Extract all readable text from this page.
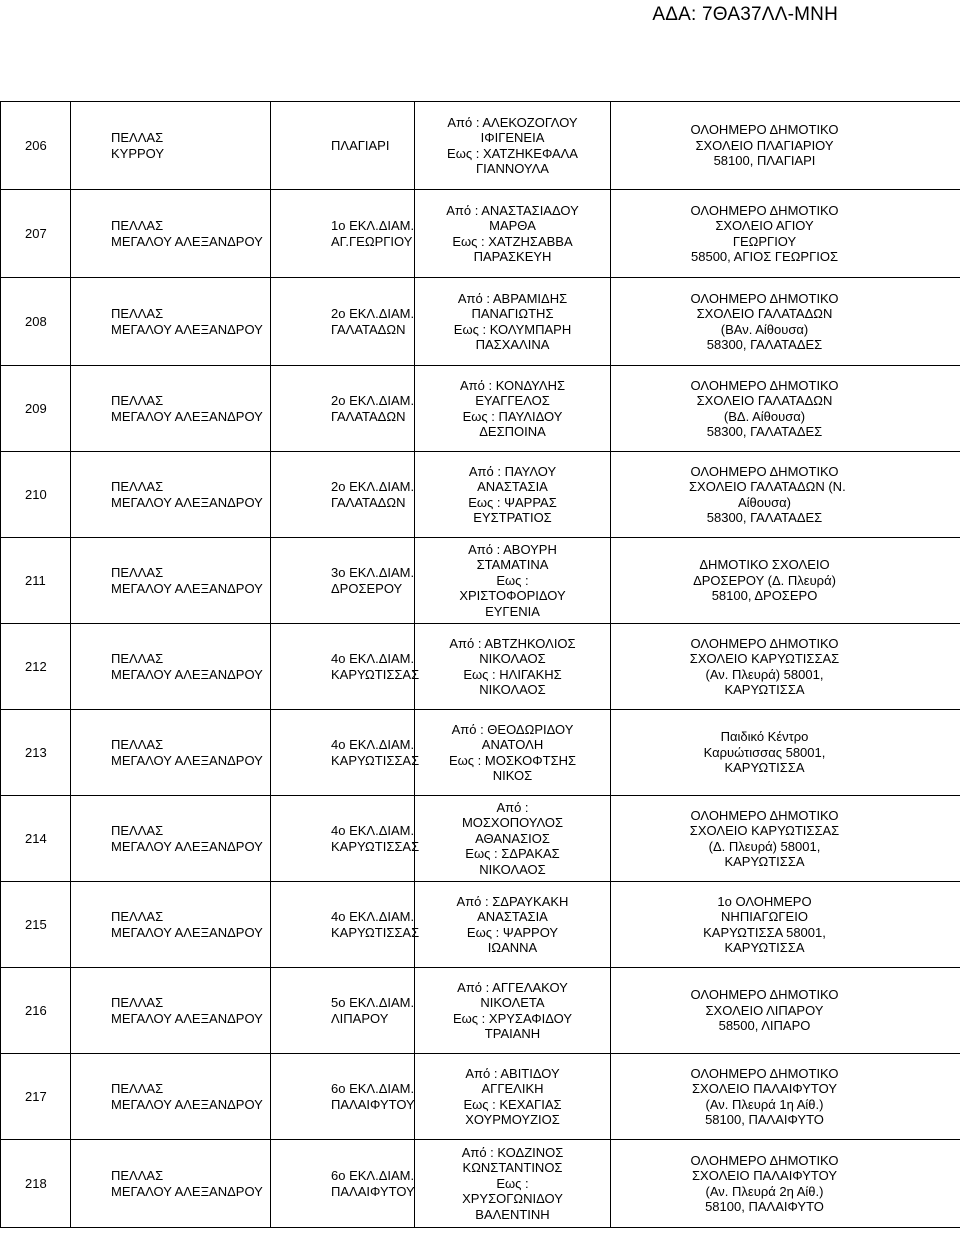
ΑΔΑ: 7ΘΑ37ΛΛ-ΜΝΗ
206	ΠΕΛΛΑΣ
ΚΥΡΡΟΥ	ΠΛΑΓΙΑΡΙ	Από : ΑΛΕΚΟΖΟΓΛΟΥ
ΙΦΙΓΕΝΕΙΑ
Εως : ΧΑΤΖΗΚΕΦΑΛΑ
ΓΙΑΝΝΟΥΛΑ	ΟΛΟΗΜΕΡΟ ΔΗΜΟΤΙΚΟ
ΣΧΟΛΕΙΟ ΠΛΑΓΙΑΡΙΟΥ
58100, ΠΛΑΓΙΑΡΙ

207	ΠΕΛΛΑΣ
ΜΕΓΑΛΟΥ ΑΛΕΞΑΝΔΡΟΥ	1ο ΕΚΛ.ΔΙΑΜ.
ΑΓ.ΓΕΩΡΓΙΟΥ	Από : ΑΝΑΣΤΑΣΙΑΔΟΥ
ΜΑΡΘΑ
Εως : ΧΑΤΖΗΣΑΒΒΑ
ΠΑΡΑΣΚΕΥΗ	ΟΛΟΗΜΕΡΟ ΔΗΜΟΤΙΚΟ
ΣΧΟΛΕΙΟ ΑΓΙΟΥ
ΓΕΩΡΓΙΟΥ
58500, ΑΓΙΟΣ ΓΕΩΡΓΙΟΣ

208	ΠΕΛΛΑΣ
ΜΕΓΑΛΟΥ ΑΛΕΞΑΝΔΡΟΥ	2ο ΕΚΛ.ΔΙΑΜ.
ΓΑΛΑΤΑΔΩΝ	Από : ΑΒΡΑΜΙΔΗΣ
ΠΑΝΑΓΙΩΤΗΣ
Εως : ΚΟΛΥΜΠΑΡΗ
ΠΑΣΧΑΛΙΝΑ	ΟΛΟΗΜΕΡΟ ΔΗΜΟΤΙΚΟ
ΣΧΟΛΕΙΟ ΓΑΛΑΤΑΔΩΝ
(ΒΑν. Αίθουσα)
58300, ΓΑΛΑΤΑΔΕΣ

209	ΠΕΛΛΑΣ
ΜΕΓΑΛΟΥ ΑΛΕΞΑΝΔΡΟΥ	2ο ΕΚΛ.ΔΙΑΜ.
ΓΑΛΑΤΑΔΩΝ	Από : ΚΟΝΔΥΛΗΣ
ΕΥΑΓΓΕΛΟΣ
Εως : ΠΑΥΛΙΔΟΥ
ΔΕΣΠΟΙΝΑ	ΟΛΟΗΜΕΡΟ ΔΗΜΟΤΙΚΟ
ΣΧΟΛΕΙΟ ΓΑΛΑΤΑΔΩΝ
(ΒΔ. Αίθουσα)
58300, ΓΑΛΑΤΑΔΕΣ

210	ΠΕΛΛΑΣ
ΜΕΓΑΛΟΥ ΑΛΕΞΑΝΔΡΟΥ	2ο ΕΚΛ.ΔΙΑΜ.
ΓΑΛΑΤΑΔΩΝ	Από : ΠΑΥΛΟΥ
ΑΝΑΣΤΑΣΙΑ
Εως : ΨΑΡΡΑΣ
ΕΥΣΤΡΑΤΙΟΣ	ΟΛΟΗΜΕΡΟ ΔΗΜΟΤΙΚΟ
ΣΧΟΛΕΙΟ ΓΑΛΑΤΑΔΩΝ (Ν.
Αίθουσα)
58300, ΓΑΛΑΤΑΔΕΣ

211	ΠΕΛΛΑΣ
ΜΕΓΑΛΟΥ ΑΛΕΞΑΝΔΡΟΥ	3ο ΕΚΛ.ΔΙΑΜ.
ΔΡΟΣΕΡΟΥ	Από : ΑΒΟΥΡΗ
ΣΤΑΜΑΤΙΝΑ
Εως :
ΧΡΙΣΤΟΦΟΡΙΔΟΥ
ΕΥΓΕΝΙΑ	ΔΗΜΟΤΙΚΟ ΣΧΟΛΕΙΟ
ΔΡΟΣΕΡΟΥ (Δ. Πλευρά)
58100, ΔΡΟΣΕΡΟ

212	ΠΕΛΛΑΣ
ΜΕΓΑΛΟΥ ΑΛΕΞΑΝΔΡΟΥ	4ο ΕΚΛ.ΔΙΑΜ.
ΚΑΡΥΩΤΙΣΣΑΣ	Από : ΑΒΤΖΗΚΟΛΙΟΣ
ΝΙΚΟΛΑΟΣ
Εως : ΗΛΙΓΑΚΗΣ
ΝΙΚΟΛΑΟΣ	ΟΛΟΗΜΕΡΟ ΔΗΜΟΤΙΚΟ
ΣΧΟΛΕΙΟ ΚΑΡΥΩΤΙΣΣΑΣ
(Αν. Πλευρά) 58001,
ΚΑΡΥΩΤΙΣΣΑ

213	ΠΕΛΛΑΣ
ΜΕΓΑΛΟΥ ΑΛΕΞΑΝΔΡΟΥ	4ο ΕΚΛ.ΔΙΑΜ.
ΚΑΡΥΩΤΙΣΣΑΣ	Από : ΘΕΟΔΩΡΙΔΟΥ
ΑΝΑΤΟΛΗ
Εως : ΜΟΣΚΟΦΤΣΗΣ
ΝΙΚΟΣ	Παιδικό Κέντρο
Καρυώτισσας 58001,
ΚΑΡΥΩΤΙΣΣΑ

214	ΠΕΛΛΑΣ
ΜΕΓΑΛΟΥ ΑΛΕΞΑΝΔΡΟΥ	4ο ΕΚΛ.ΔΙΑΜ.
ΚΑΡΥΩΤΙΣΣΑΣ	Από :
ΜΟΣΧΟΠΟΥΛΟΣ
ΑΘΑΝΑΣΙΟΣ
Εως : ΣΔΡΑΚΑΣ
ΝΙΚΟΛΑΟΣ	ΟΛΟΗΜΕΡΟ ΔΗΜΟΤΙΚΟ
ΣΧΟΛΕΙΟ ΚΑΡΥΩΤΙΣΣΑΣ
(Δ. Πλευρά) 58001,
ΚΑΡΥΩΤΙΣΣΑ

215	ΠΕΛΛΑΣ
ΜΕΓΑΛΟΥ ΑΛΕΞΑΝΔΡΟΥ	4ο ΕΚΛ.ΔΙΑΜ.
ΚΑΡΥΩΤΙΣΣΑΣ	Από : ΣΔΡΑΥΚΑΚΗ
ΑΝΑΣΤΑΣΙΑ
Εως : ΨΑΡΡΟΥ
ΙΩΑΝΝΑ	1ο ΟΛΟΗΜΕΡΟ
ΝΗΠΙΑΓΩΓΕΙΟ
ΚΑΡΥΩΤΙΣΣΑ 58001,
ΚΑΡΥΩΤΙΣΣΑ

216	ΠΕΛΛΑΣ
ΜΕΓΑΛΟΥ ΑΛΕΞΑΝΔΡΟΥ	5ο ΕΚΛ.ΔΙΑΜ.
ΛΙΠΑΡΟΥ	Από : ΑΓΓΕΛΑΚΟΥ
ΝΙΚΟΛΕΤΑ
Εως : ΧΡΥΣΑΦΙΔΟΥ
ΤΡΑΙΑΝΗ	ΟΛΟΗΜΕΡΟ ΔΗΜΟΤΙΚΟ
ΣΧΟΛΕΙΟ ΛΙΠΑΡΟΥ
58500, ΛΙΠΑΡΟ

217	ΠΕΛΛΑΣ
ΜΕΓΑΛΟΥ ΑΛΕΞΑΝΔΡΟΥ	6ο ΕΚΛ.ΔΙΑΜ.
ΠΑΛΑΙΦΥΤΟΥ	Από : ΑΒΙΤΙΔΟΥ
ΑΓΓΕΛΙΚΗ
Εως : ΚΕΧΑΓΙΑΣ
ΧΟΥΡΜΟΥΖΙΟΣ	ΟΛΟΗΜΕΡΟ ΔΗΜΟΤΙΚΟ
ΣΧΟΛΕΙΟ ΠΑΛΑΙΦΥΤΟΥ
(Αν. Πλευρά 1η Αίθ.)
58100, ΠΑΛΑΙΦΥΤΟ

218	ΠΕΛΛΑΣ
ΜΕΓΑΛΟΥ ΑΛΕΞΑΝΔΡΟΥ	6ο ΕΚΛ.ΔΙΑΜ.
ΠΑΛΑΙΦΥΤΟΥ	Από : ΚΟΔΖΙΝΟΣ
ΚΩΝΣΤΑΝΤΙΝΟΣ
Εως :
ΧΡΥΣΟΓΩΝΙΔΟΥ
ΒΑΛΕΝΤΙΝΗ	ΟΛΟΗΜΕΡΟ ΔΗΜΟΤΙΚΟ
ΣΧΟΛΕΙΟ ΠΑΛΑΙΦΥΤΟΥ
(Αν. Πλευρά 2η Αίθ.)
58100, ΠΑΛΑΙΦΥΤΟ
